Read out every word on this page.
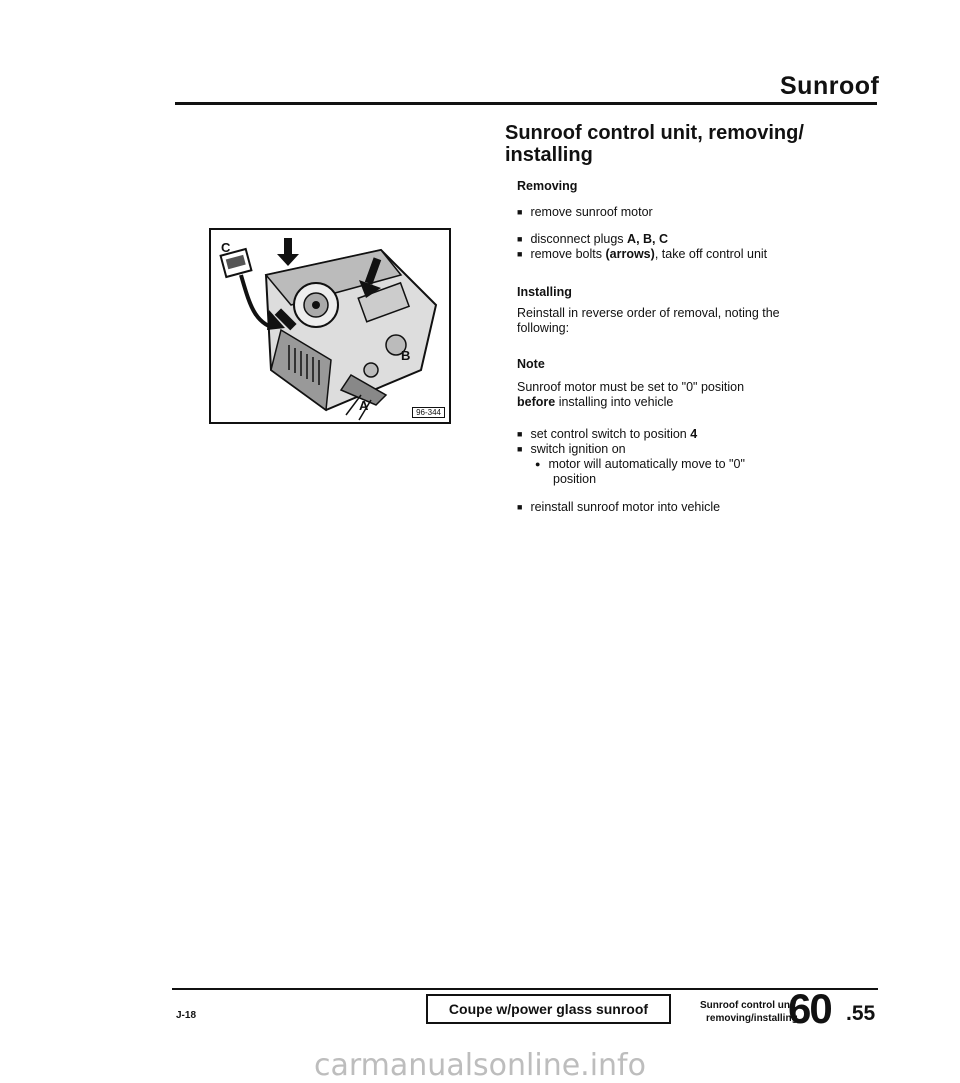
Sunroof
Sunroof control unit, removing/ installing
Removing
■ remove sunroof motor
■ disconnect plugs A, B, C
■ remove bolts (arrows), take off control unit
Installing
Reinstall in reverse order of removal, noting the following:
Note
Sunroof motor must be set to "0" position
before installing into vehicle
■ set control switch to position 4
■ switch ignition on
● motor will automatically move to "0"
position
■ reinstall sunroof motor into vehicle
C
B
A	96-344
J-18	Coupe w/power glass sunroof	Sunroof control unit,
removing/installing
60 .55
carmanualsonline.info
